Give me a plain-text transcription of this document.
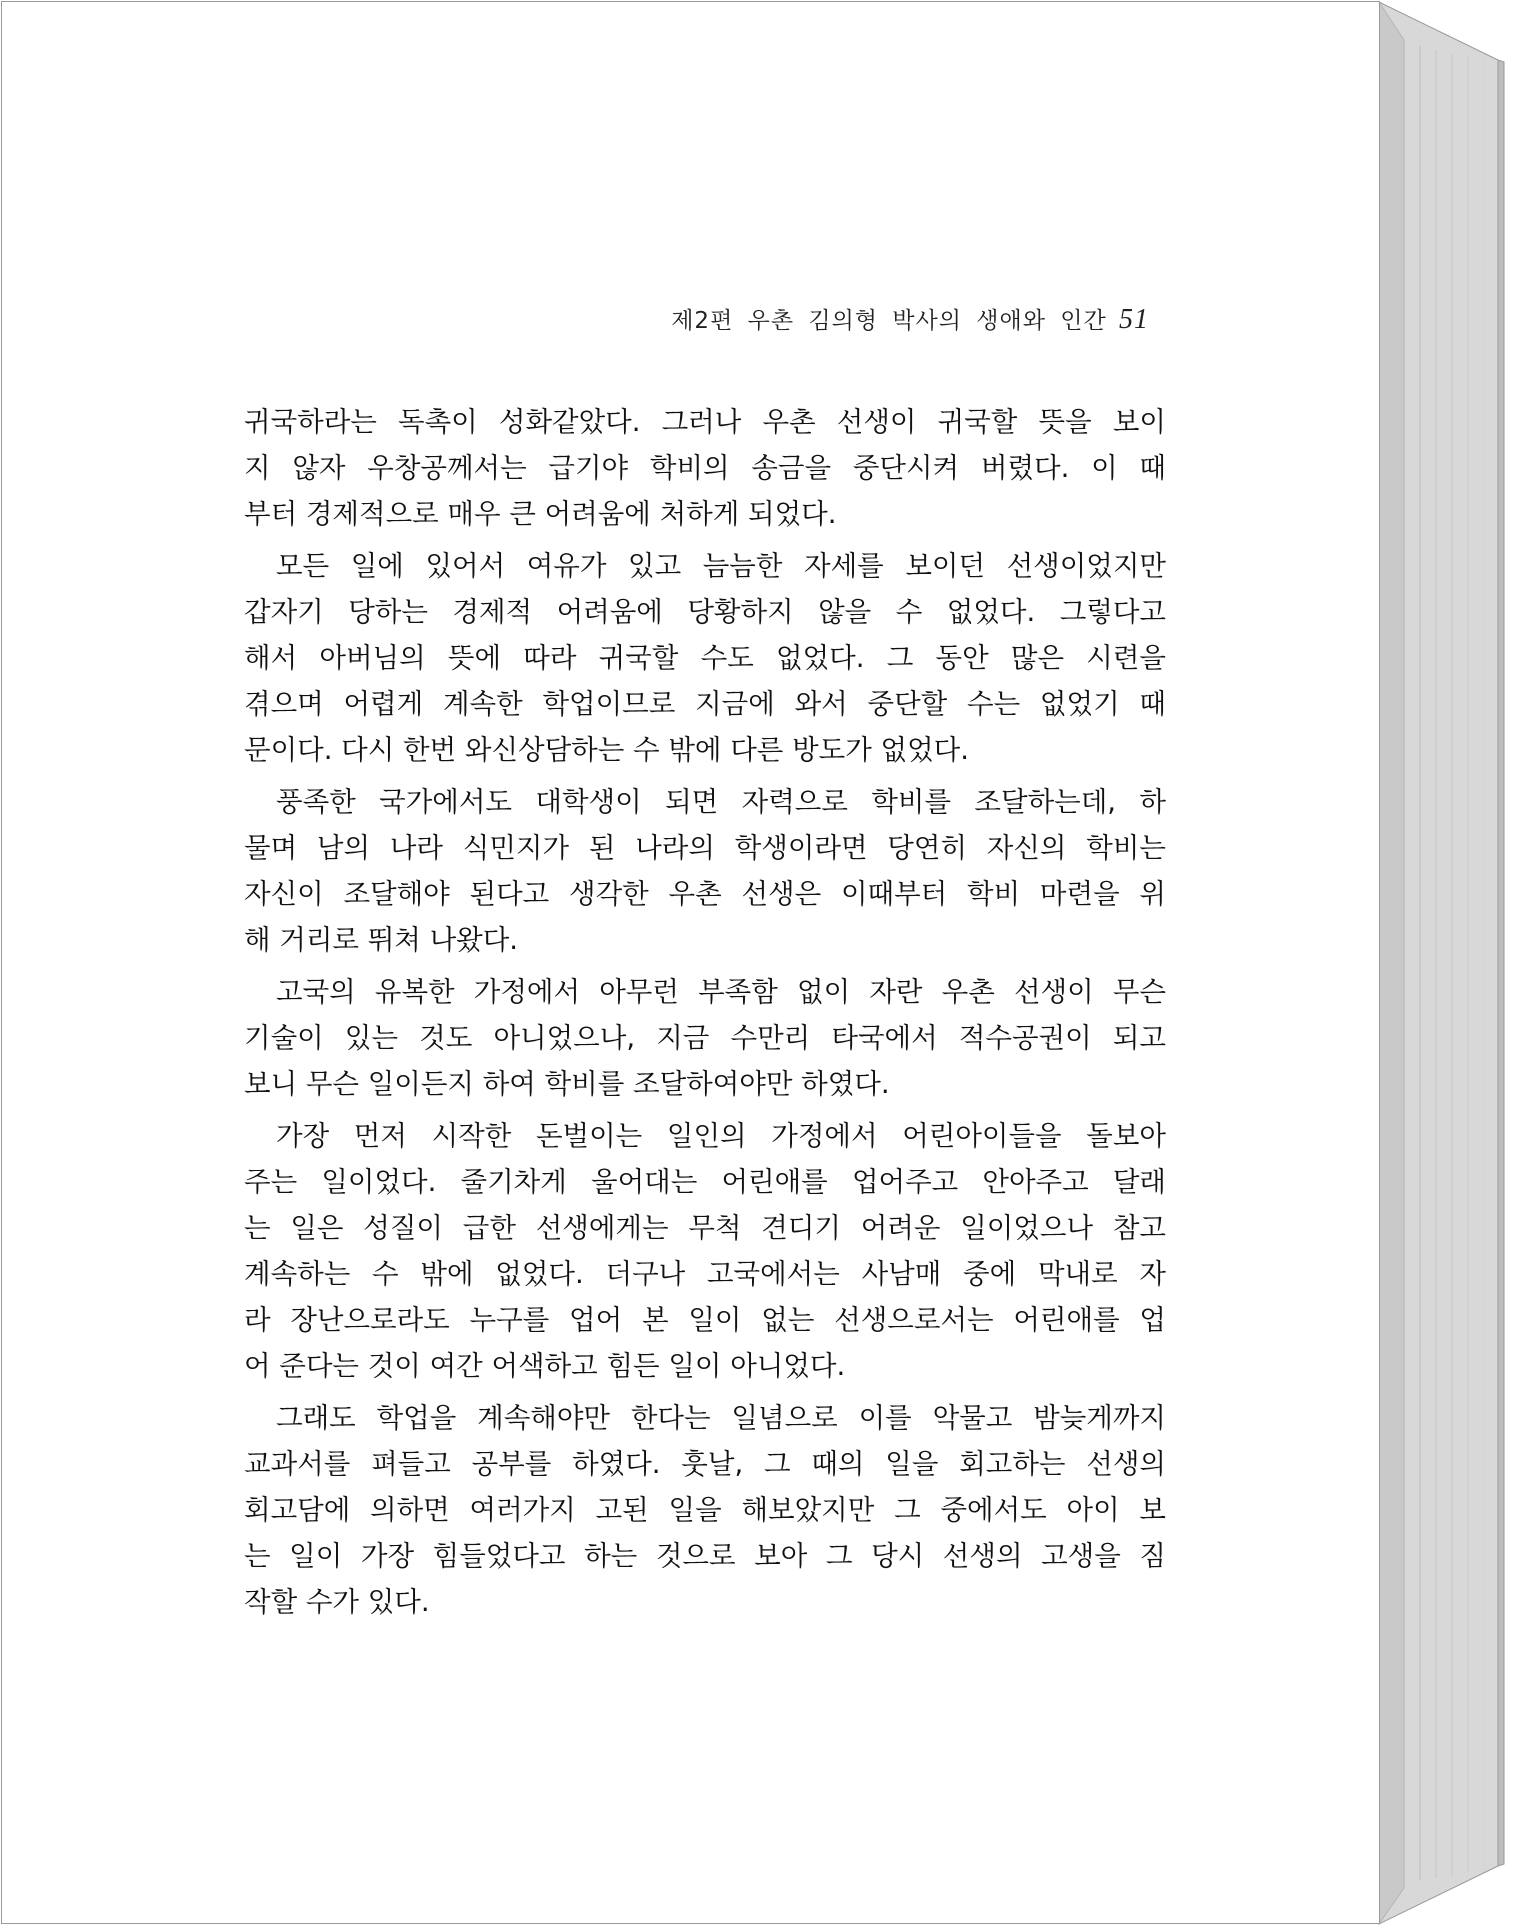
제2편 우촌 김의형 박사의 생애와 인간 51

귀국하라는 독촉이 성화같았다. 그러나 우촌 선생이 귀국할 뜻을 보이
지 않자 우창공께서는 급기야 학비의 송금을 중단시켜 버렸다. 이 때
부터 경제적으로 매우 큰 어려움에 처하게 되었다.

모든 일에 있어서 여유가 있고 늠늠한 자세를 보이던 선생이었지만
갑자기 당하는 경제적 어려움에 당황하지 않을 수 없었다. 그렇다고
해서 아버님의 뜻에 따라 귀국할 수도 없었다. 그 동안 많은 시련을
겪으며 어렵게 계속한 학업이므로 지금에 와서 중단할 수는 없었기 때
문이다. 다시 한번 와신상담하는 수 밖에 다른 방도가 없었다.

풍족한 국가에서도 대학생이 되면 자력으로 학비를 조달하는데, 하
물며 남의 나라 식민지가 된 나라의 학생이라면 당연히 자신의 학비는
자신이 조달해야 된다고 생각한 우촌 선생은 이때부터 학비 마련을 위
해 거리로 뛰쳐 나왔다.

고국의 유복한 가정에서 아무런 부족함 없이 자란 우촌 선생이 무슨
기술이 있는 것도 아니었으나, 지금 수만리 타국에서 적수공권이 되고
보니 무슨 일이든지 하여 학비를 조달하여야만 하였다.

가장 먼저 시작한 돈벌이는 일인의 가정에서 어린아이들을 돌보아
주는 일이었다. 줄기차게 울어대는 어린애를 업어주고 안아주고 달래
는 일은 성질이 급한 선생에게는 무척 견디기 어려운 일이었으나 참고
계속하는 수 밖에 없었다. 더구나 고국에서는 사남매 중에 막내로 자
라 장난으로라도 누구를 업어 본 일이 없는 선생으로서는 어린애를 업
어 준다는 것이 여간 어색하고 힘든 일이 아니었다.

그래도 학업을 계속해야만 한다는 일념으로 이를 악물고 밤늦게까지
교과서를 펴들고 공부를 하였다. 훗날, 그 때의 일을 회고하는 선생의
회고담에 의하면 여러가지 고된 일을 해보았지만 그 중에서도 아이 보
는 일이 가장 힘들었다고 하는 것으로 보아 그 당시 선생의 고생을 짐
작할 수가 있다.
